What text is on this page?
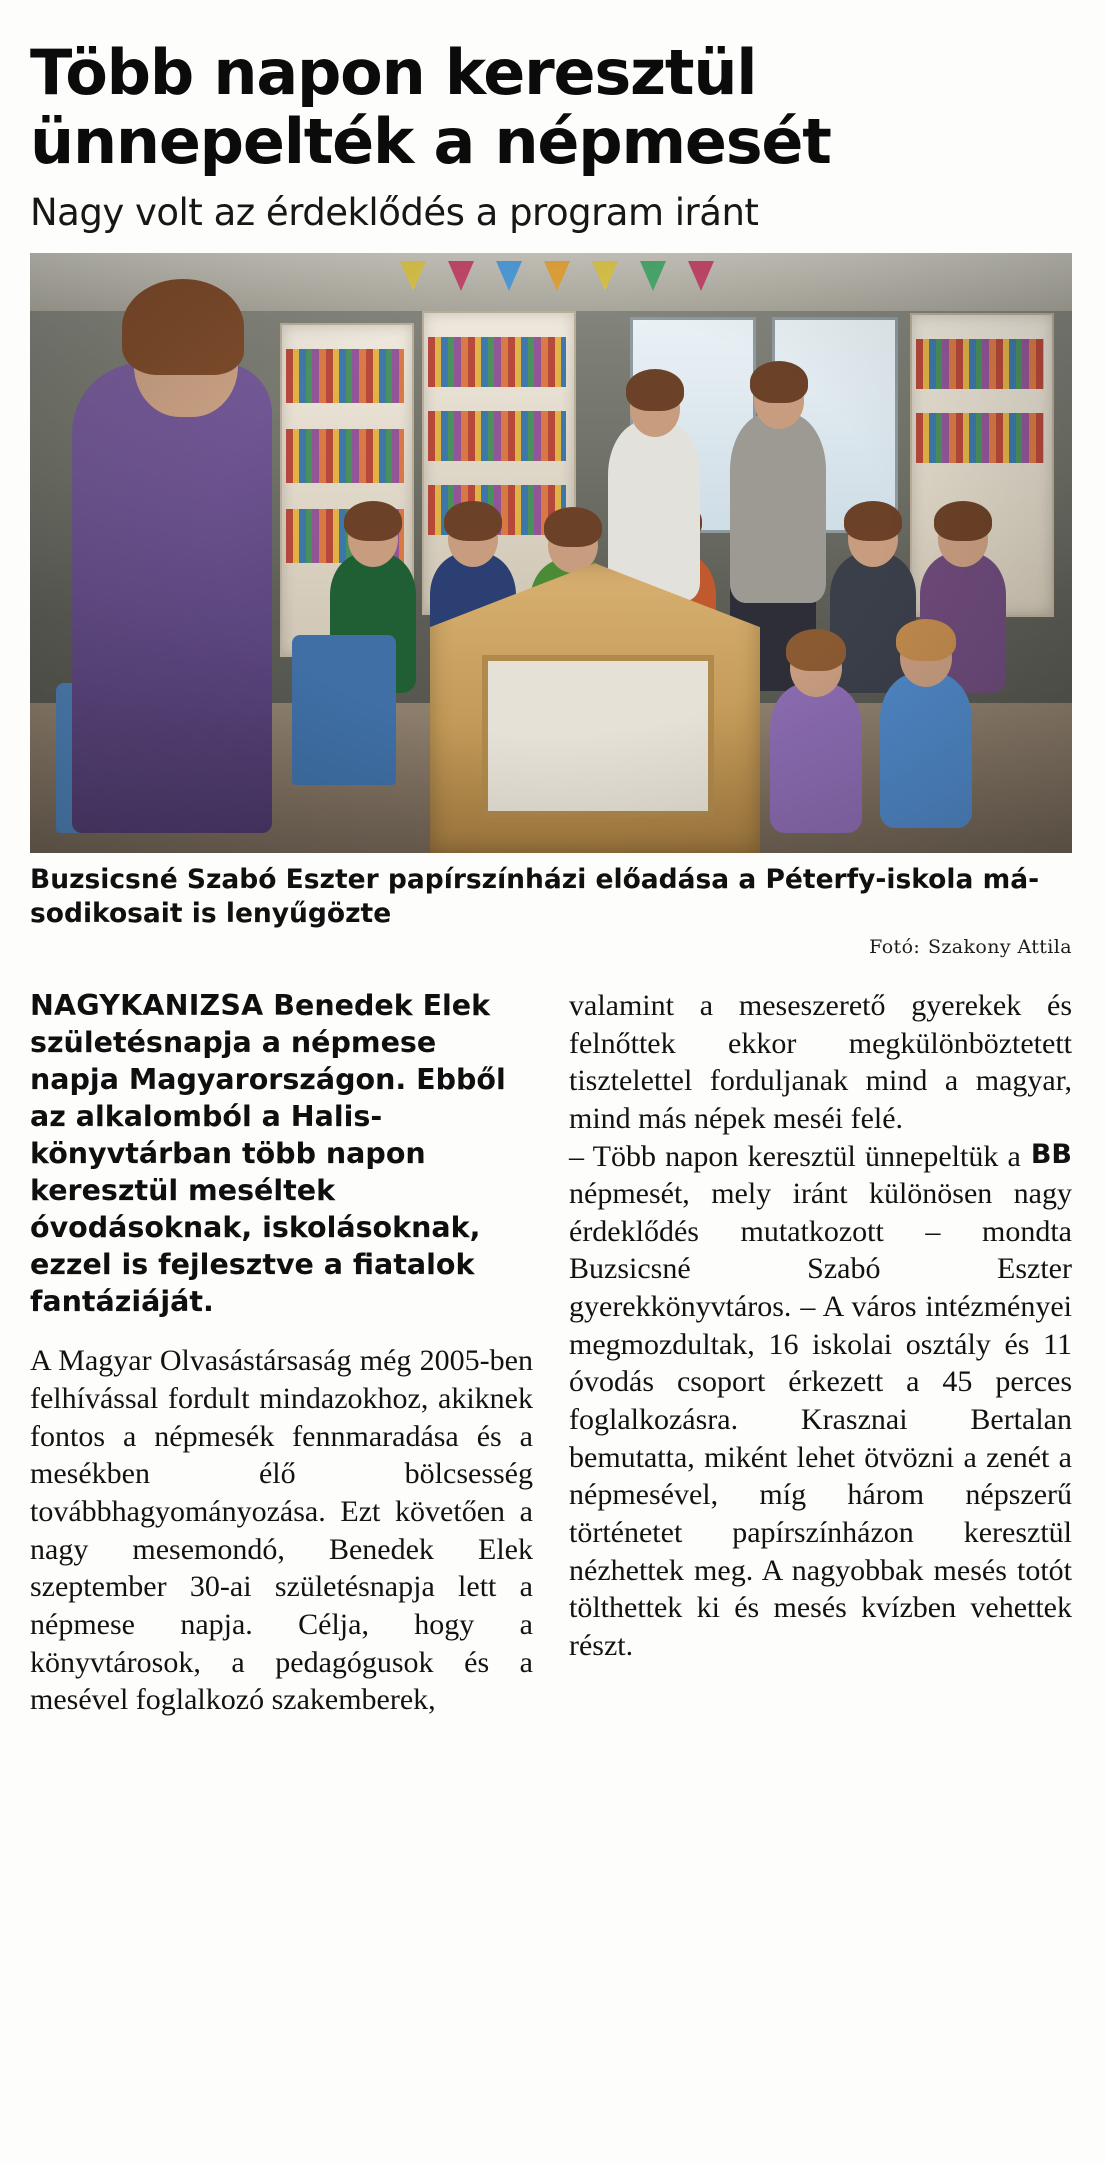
Több napon keresztül
ünnepelték a népmesét
Nagy volt az érdeklődés a program iránt
Buzsicsné Szabó Eszter papírszínházi előadása a Péterfy-iskola má-sodikosait is lenyűgözte
Fotó: Szakony Attila

NAGYKANIZSA Benedek Elek születésnapja a népmese napja Magyarországon. Ebből az alkalomból a Halis-könyvtárban több napon keresztül meséltek óvodásoknak, iskolásoknak, ezzel is fejlesztve a fiatalok fantáziáját.

A Magyar Olvasástársaság még 2005-ben felhívással fordult mindazokhoz, akiknek fontos a népmesék fennmaradása és a mesékben élő bölcsesség továbbhagyományozása. Ezt követően a nagy mesemondó, Benedek Elek szeptember 30-ai születésnapja lett a népmese napja. Célja, hogy a könyvtárosok, a pedagógusok és a mesével foglalkozó szakemberek,

valamint a meseszerető gyerekek és felnőttek ekkor megkülönböztetett tisztelettel forduljanak mind a magyar, mind más népek meséi felé.

BB
– Több napon keresztül ünnepeltük a népmesét, mely iránt különösen nagy érdeklődés mutatkozott – mondta Buzsicsné Szabó Eszter gyerekkönyvtáros. – A város intézményei megmozdultak, 16 iskolai osztály és 11 óvodás csoport érkezett a 45 perces foglalkozásra. Krasznai Bertalan bemutatta, miként lehet ötvözni a zenét a népmesével, míg három népszerű történetet papírszínházon keresztül nézhettek meg. A nagyobbak mesés totót tölthettek ki és mesés kvízben vehettek részt.
